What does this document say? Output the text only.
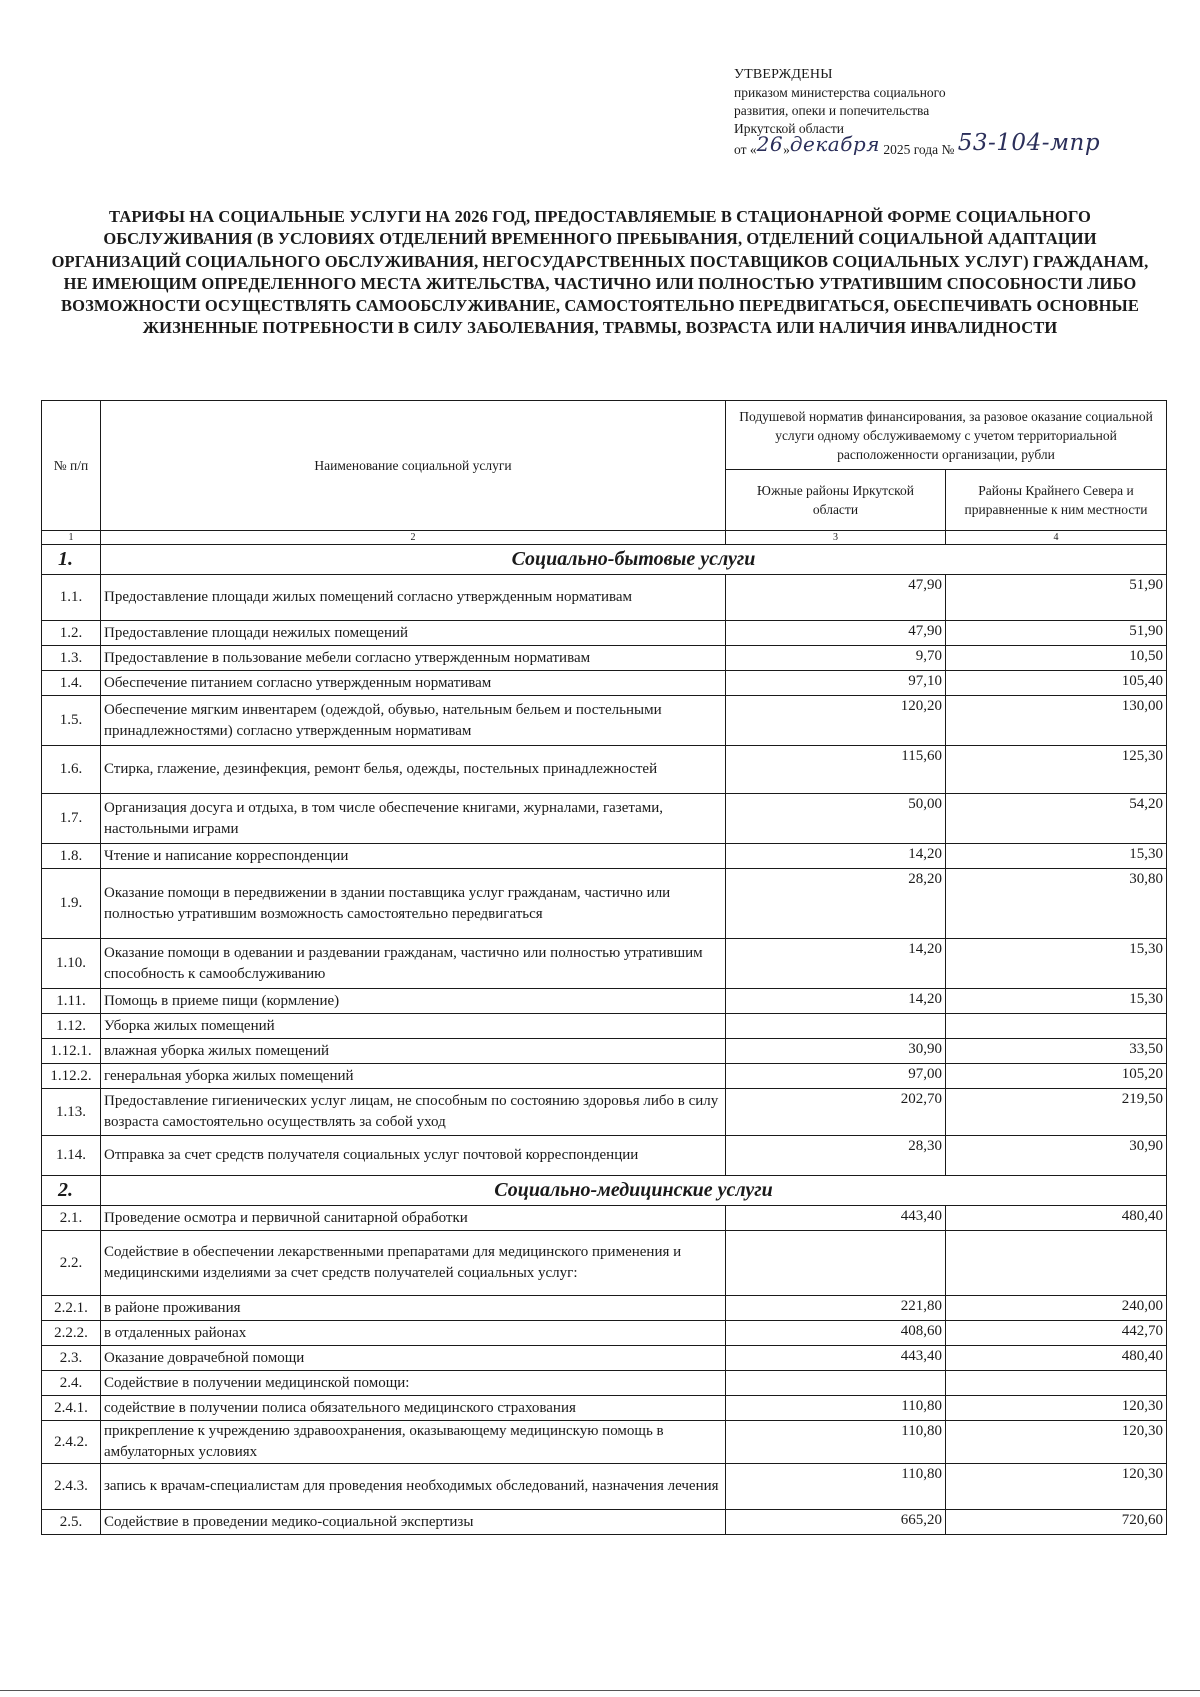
УТВЕРЖДЕНЫ
приказом министерства социального
развития, опеки и попечительства
Иркутской области
от «26»декабря 2025 года № 53-104-мпр
ТАРИФЫ НА СОЦИАЛЬНЫЕ УСЛУГИ НА 2026 ГОД, ПРЕДОСТАВЛЯЕМЫЕ В СТАЦИОНАРНОЙ ФОРМЕ СОЦИАЛЬНОГО ОБСЛУЖИВАНИЯ (В УСЛОВИЯХ ОТДЕЛЕНИЙ ВРЕМЕННОГО ПРЕБЫВАНИЯ, ОТДЕЛЕНИЙ СОЦИАЛЬНОЙ АДАПТАЦИИ ОРГАНИЗАЦИЙ СОЦИАЛЬНОГО ОБСЛУЖИВАНИЯ, НЕГОСУДАРСТВЕННЫХ ПОСТАВЩИКОВ СОЦИАЛЬНЫХ УСЛУГ) ГРАЖДАНАМ, НЕ ИМЕЮЩИМ ОПРЕДЕЛЕННОГО МЕСТА ЖИТЕЛЬСТВА, ЧАСТИЧНО ИЛИ ПОЛНОСТЬЮ УТРАТИВШИМ СПОСОБНОСТИ ЛИБО ВОЗМОЖНОСТИ ОСУЩЕСТВЛЯТЬ САМООБСЛУЖИВАНИЕ, САМОСТОЯТЕЛЬНО ПЕРЕДВИГАТЬСЯ, ОБЕСПЕЧИВАТЬ ОСНОВНЫЕ ЖИЗНЕННЫЕ ПОТРЕБНОСТИ В СИЛУ ЗАБОЛЕВАНИЯ, ТРАВМЫ, ВОЗРАСТА ИЛИ НАЛИЧИЯ ИНВАЛИДНОСТИ
№ п/п	Наименование социальной услуги	Подушевой норматив финансирования, за разовое оказание социальной услуги одному обслуживаемому с учетом территориальной расположенности организации, рубли	
		Южные районы Иркутской области	Районы Крайнего Севера и приравненные к ним местности
1	2	3	4
1.	Социально-бытовые услуги		
1.1.	Предоставление площади жилых помещений согласно утвержденным нормативам	47,90	51,90
1.2.	Предоставление площади нежилых помещений	47,90	51,90
1.3.	Предоставление в пользование мебели согласно утвержденным нормативам	9,70	10,50
1.4.	Обеспечение питанием согласно утвержденным нормативам	97,10	105,40
1.5.	Обеспечение мягким инвентарем (одеждой, обувью, нательным бельем и постельными принадлежностями) согласно утвержденным нормативам	120,20	130,00
1.6.	Стирка, глажение, дезинфекция, ремонт белья, одежды, постельных принадлежностей	115,60	125,30
1.7.	Организация досуга и отдыха, в том числе обеспечение книгами, журналами, газетами, настольными играми	50,00	54,20
1.8.	Чтение и написание корреспонденции	14,20	15,30
1.9.	Оказание помощи в передвижении в здании поставщика услуг гражданам, частично или полностью утратившим возможность самостоятельно передвигаться	28,20	30,80
1.10.	Оказание помощи в одевании и раздевании гражданам, частично или полностью утратившим способность к самообслуживанию	14,20	15,30
1.11.	Помощь в приеме пищи (кормление)	14,20	15,30
1.12.	Уборка жилых помещений		
1.12.1.	влажная уборка жилых помещений	30,90	33,50
1.12.2.	генеральная уборка жилых помещений	97,00	105,20
1.13.	Предоставление гигиенических услуг лицам, не способным по состоянию здоровья либо в силу возраста самостоятельно осуществлять за собой уход	202,70	219,50
1.14.	Отправка за счет средств получателя социальных услуг почтовой корреспонденции	28,30	30,90
2.	Социально-медицинские услуги		
2.1.	Проведение осмотра и первичной санитарной обработки	443,40	480,40
2.2.	Содействие в обеспечении лекарственными препаратами для медицинского применения и медицинскими изделиями за счет средств получателей социальных услуг:		
2.2.1.	в районе проживания	221,80	240,00
2.2.2.	в отдаленных районах	408,60	442,70
2.3.	Оказание доврачебной помощи	443,40	480,40
2.4.	Содействие в получении медицинской помощи:		
2.4.1.	содействие в получении полиса обязательного медицинского страхования	110,80	120,30
2.4.2.	прикрепление к учреждению здравоохранения, оказывающему медицинскую помощь в амбулаторных условиях	110,80	120,30
2.4.3.	запись к врачам-специалистам для проведения необходимых обследований, назначения лечения	110,80	120,30
2.5.	Содействие в проведении медико-социальной экспертизы	665,20	720,60
